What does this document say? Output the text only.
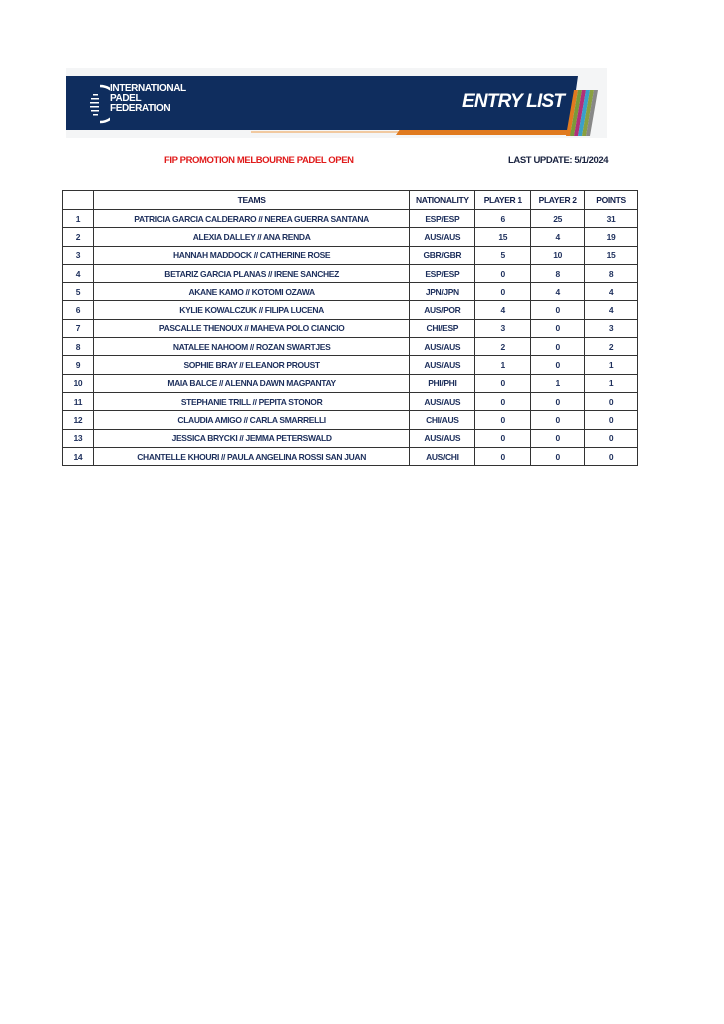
INTERNATIONAL
PADEL
FEDERATION	ENTRY LIST
FIP PROMOTION MELBOURNE PADEL OPEN	LAST UPDATE: 5/1/2024
	TEAMS	NATIONALITY	PLAYER 1	PLAYER 2	POINTS
1	PATRICIA GARCIA CALDERARO // NEREA GUERRA SANTANA	ESP/ESP	6	25	31
2	ALEXIA DALLEY // ANA RENDA	AUS/AUS	15	4	19
3	HANNAH MADDOCK // CATHERINE ROSE	GBR/GBR	5	10	15
4	BETARIZ GARCIA PLANAS // IRENE SANCHEZ	ESP/ESP	0	8	8
5	AKANE KAMO // KOTOMI OZAWA	JPN/JPN	0	4	4
6	KYLIE KOWALCZUK // FILIPA LUCENA	AUS/POR	4	0	4
7	PASCALLE THENOUX // MAHEVA POLO CIANCIO	CHI/ESP	3	0	3
8	NATALEE NAHOOM // ROZAN SWARTJES	AUS/AUS	2	0	2
9	SOPHIE BRAY // ELEANOR PROUST	AUS/AUS	1	0	1
10	MAIA BALCE // ALENNA DAWN MAGPANTAY	PHI/PHI	0	1	1
11	STEPHANIE TRILL // PEPITA STONOR	AUS/AUS	0	0	0
12	CLAUDIA AMIGO // CARLA SMARRELLI	CHI/AUS	0	0	0
13	JESSICA BRYCKI // JEMMA PETERSWALD	AUS/AUS	0	0	0
14	CHANTELLE KHOURI // PAULA ANGELINA ROSSI SAN JUAN	AUS/CHI	0	0	0
